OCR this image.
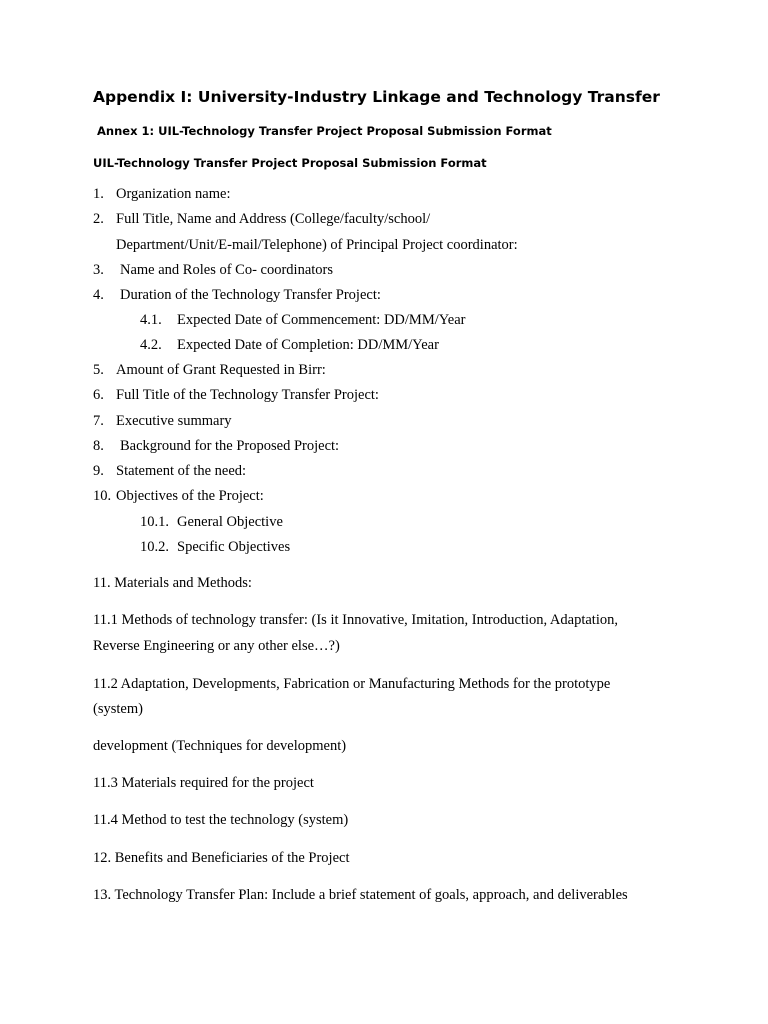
Appendix I: University-Industry Linkage and Technology Transfer
Annex 1: UIL-Technology Transfer Project Proposal Submission Format
UIL-Technology Transfer Project Proposal Submission Format
1. Organization name:
2. Full Title, Name and Address (College/faculty/school/
Department/Unit/E-mail/Telephone) of Principal Project coordinator:
3. Name and Roles of Co- coordinators
4. Duration of the Technology Transfer Project:
4.1. Expected Date of Commencement: DD/MM/Year
4.2. Expected Date of Completion: DD/MM/Year
5. Amount of Grant Requested in Birr:
6. Full Title of the Technology Transfer Project:
7. Executive summary
8. Background for the Proposed Project:
9. Statement of the need:
10. Objectives of the Project:
10.1. General Objective
10.2. Specific Objectives
11. Materials and Methods:
11.1 Methods of technology transfer: (Is it Innovative, Imitation, Introduction, Adaptation,
Reverse Engineering or any other else…?)
11.2 Adaptation, Developments, Fabrication or Manufacturing Methods for the prototype
(system)
development (Techniques for development)
11.3 Materials required for the project
11.4 Method to test the technology (system)
12. Benefits and Beneficiaries of the Project
13. Technology Transfer Plan: Include a brief statement of goals, approach, and deliverables
